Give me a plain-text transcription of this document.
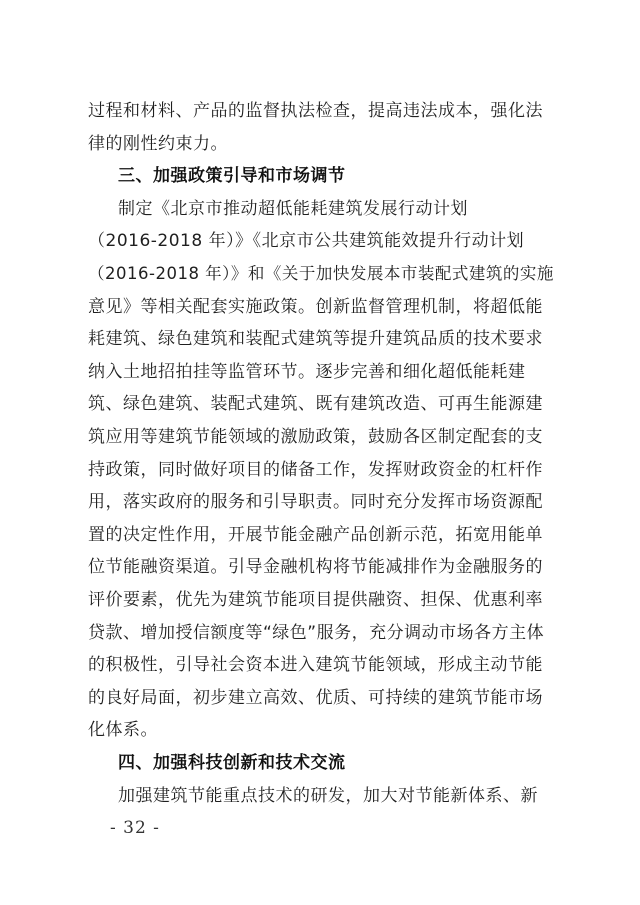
过程和材料、产品的监督执法检查，提高违法成本，强化法
律的刚性约束力。
三、加强政策引导和市场调节
制定《北京市推动超低能耗建筑发展行动计划
（2016-2018 年）》《北京市公共建筑能效提升行动计划
（2016-2018 年）》和《关于加快发展本市装配式建筑的实施
意见》等相关配套实施政策。创新监督管理机制，将超低能
耗建筑、绿色建筑和装配式建筑等提升建筑品质的技术要求
纳入土地招拍挂等监管环节。逐步完善和细化超低能耗建
筑、绿色建筑、装配式建筑、既有建筑改造、可再生能源建
筑应用等建筑节能领域的激励政策，鼓励各区制定配套的支
持政策，同时做好项目的储备工作，发挥财政资金的杠杆作
用，落实政府的服务和引导职责。同时充分发挥市场资源配
置的决定性作用，开展节能金融产品创新示范，拓宽用能单
位节能融资渠道。引导金融机构将节能减排作为金融服务的
评价要素，优先为建筑节能项目提供融资、担保、优惠利率
贷款、增加授信额度等“绿色”服务，充分调动市场各方主体
的积极性，引导社会资本进入建筑节能领域，形成主动节能
的良好局面，初步建立高效、优质、可持续的建筑节能市场
化体系。
四、加强科技创新和技术交流
加强建筑节能重点技术的研发，加大对节能新体系、新
- 32 -
